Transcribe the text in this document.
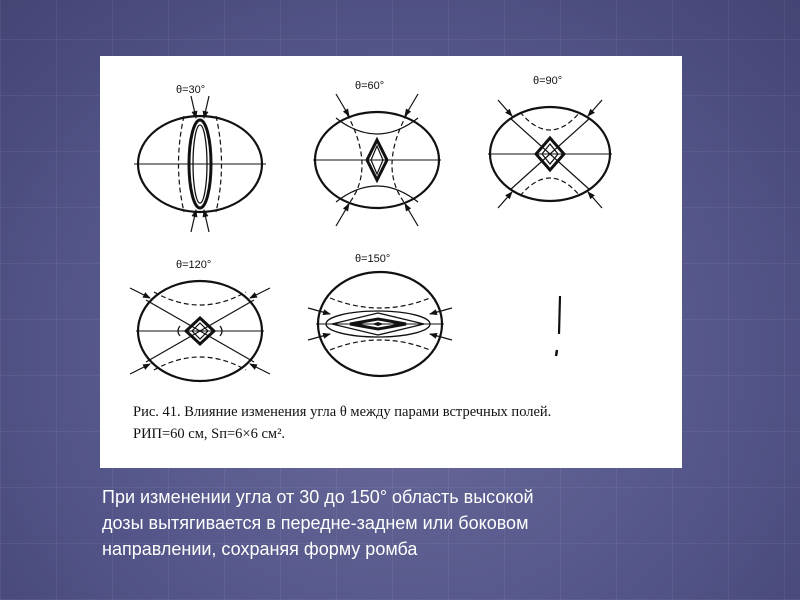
θ=30°	θ=60°	θ=90°
θ=120°	θ=150°
Рис. 41. Влияние изменения угла θ между парами встречных полей.
РИП=60 см, Sп=6×6 см².
При изменении угла от 30 до 150° область высокой
дозы вытягивается в передне-заднем или боковом
направлении, сохраняя форму ромба
